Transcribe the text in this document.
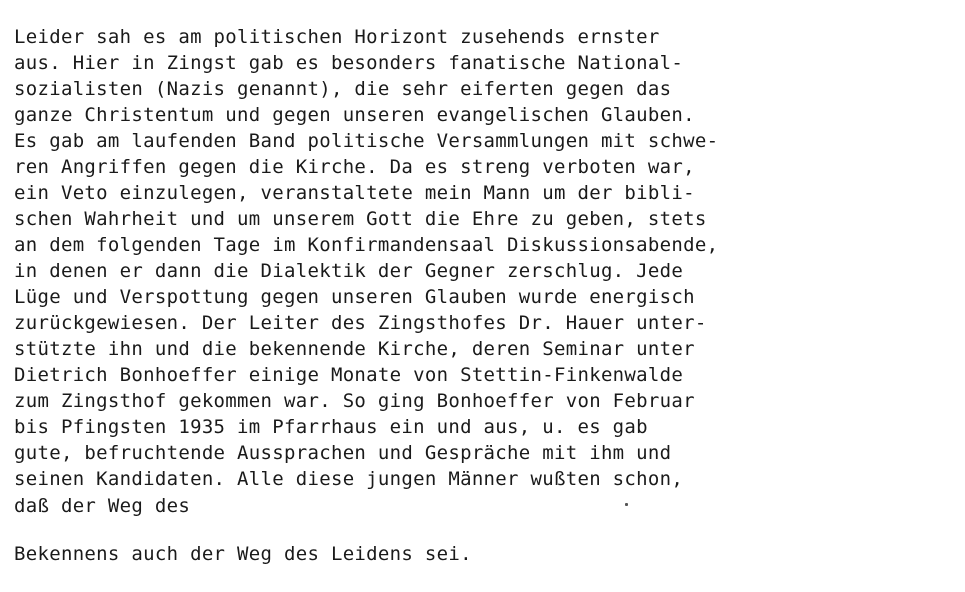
Leider sah es am politischen Horizont zusehends ernster

aus. Hier in Zingst gab es besonders fanatische National-

sozialisten (Nazis genannt), die sehr eiferten gegen das

ganze Christentum und gegen unseren evangelischen Glauben.

Es gab am laufenden Band politische Versammlungen mit schwe-

ren Angriffen gegen die Kirche. Da es streng verboten war,

ein Veto einzulegen, veranstaltete mein Mann um der bibli-

schen Wahrheit und um unserem Gott die Ehre zu geben, stets

an dem folgenden Tage im Konfirmandensaal Diskussionsabende,

in denen er dann die Dialektik der Gegner zerschlug. Jede

Lüge und Verspottung gegen unseren Glauben wurde energisch

zurückgewiesen. Der Leiter des Zingsthofes Dr. Hauer unter-

stützte ihn und die bekennende Kirche, deren Seminar unter

Dietrich Bonhoeffer einige Monate von Stettin-Finkenwalde

zum Zingsthof gekommen war. So ging Bonhoeffer von Februar

bis Pfingsten 1935 im Pfarrhaus ein und aus, u. es gab

gute, befruchtende Aussprachen und Gespräche mit ihm und

seinen Kandidaten. Alle diese jungen Männer wußten schon,

daß der Weg des

Bekennens auch der Weg des Leidens sei.
